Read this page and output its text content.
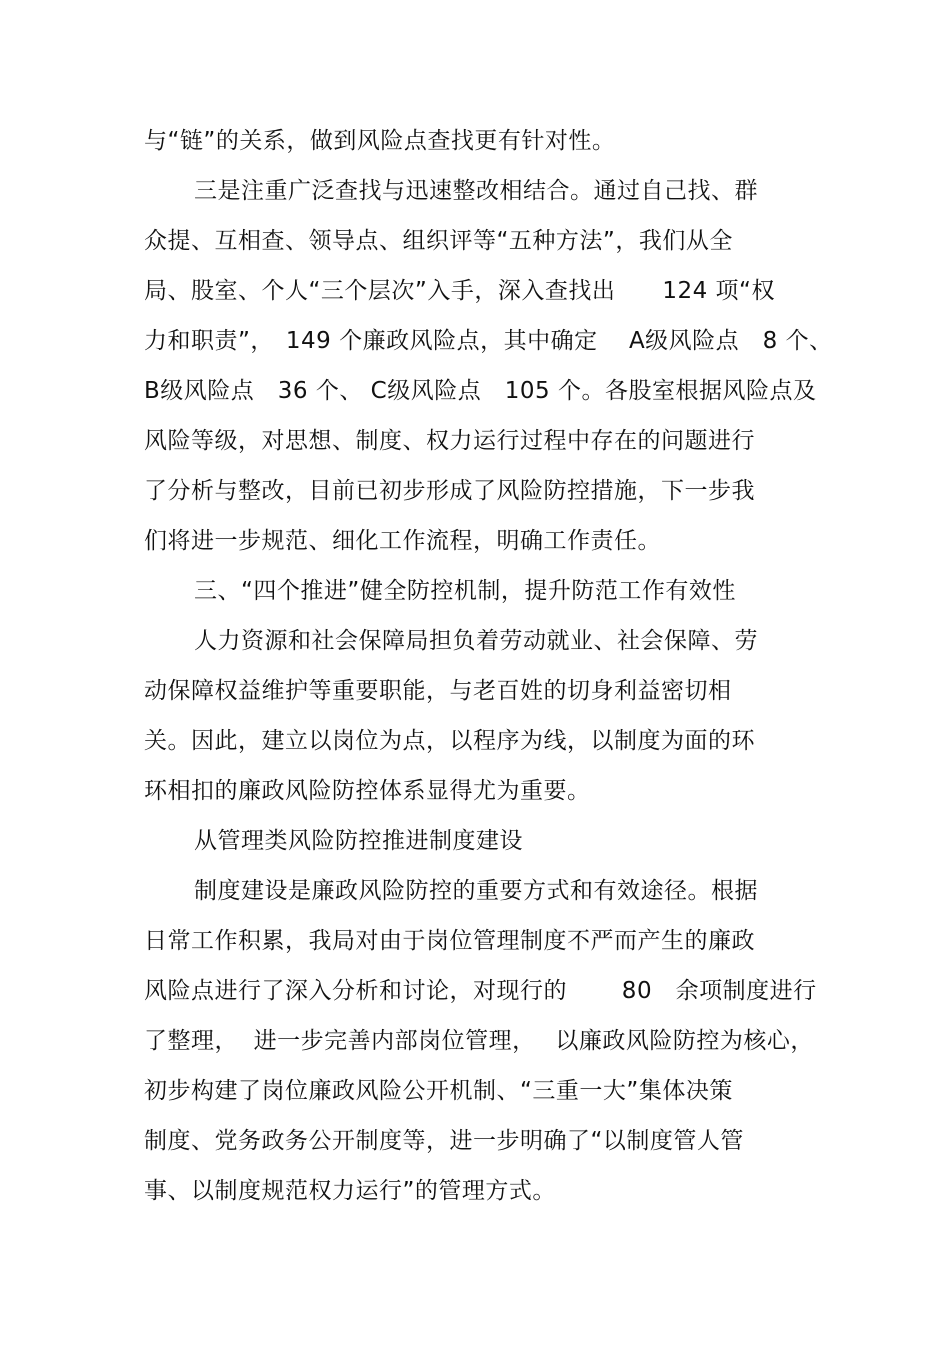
与“链”的关系，做到风险点查找更有针对性。
三是注重广泛查找与迅速整改相结合。通过自己找、群
众提、互相查、领导点、组织评等“五种方法”，我们从全
局、股室、个人“三个层次”入手，深入查找出　　124 项“权
力和职责”，　149 个廉政风险点，其中确定　 A级风险点　8 个、
B级风险点　36 个、 C级风险点　105 个。各股室根据风险点及
风险等级，对思想、制度、权力运行过程中存在的问题进行
了分析与整改，目前已初步形成了风险防控措施，下一步我
们将进一步规范、细化工作流程，明确工作责任。
三、“四个推进”健全防控机制，提升防范工作有效性
人力资源和社会保障局担负着劳动就业、社会保障、劳
动保障权益维护等重要职能，与老百姓的切身利益密切相
关。因此，建立以岗位为点，以程序为线，以制度为面的环
环相扣的廉政风险防控体系显得尤为重要。
从管理类风险防控推进制度建设
制度建设是廉政风险防控的重要方式和有效途径。根据
日常工作积累，我局对由于岗位管理制度不严而产生的廉政
风险点进行了深入分析和讨论，对现行的　　 80　余项制度进行
了整理，  进一步完善内部岗位管理，　 以廉政风险防控为核心，
初步构建了岗位廉政风险公开机制、“三重一大”集体决策
制度、党务政务公开制度等，进一步明确了“以制度管人管
事、以制度规范权力运行”的管理方式。
